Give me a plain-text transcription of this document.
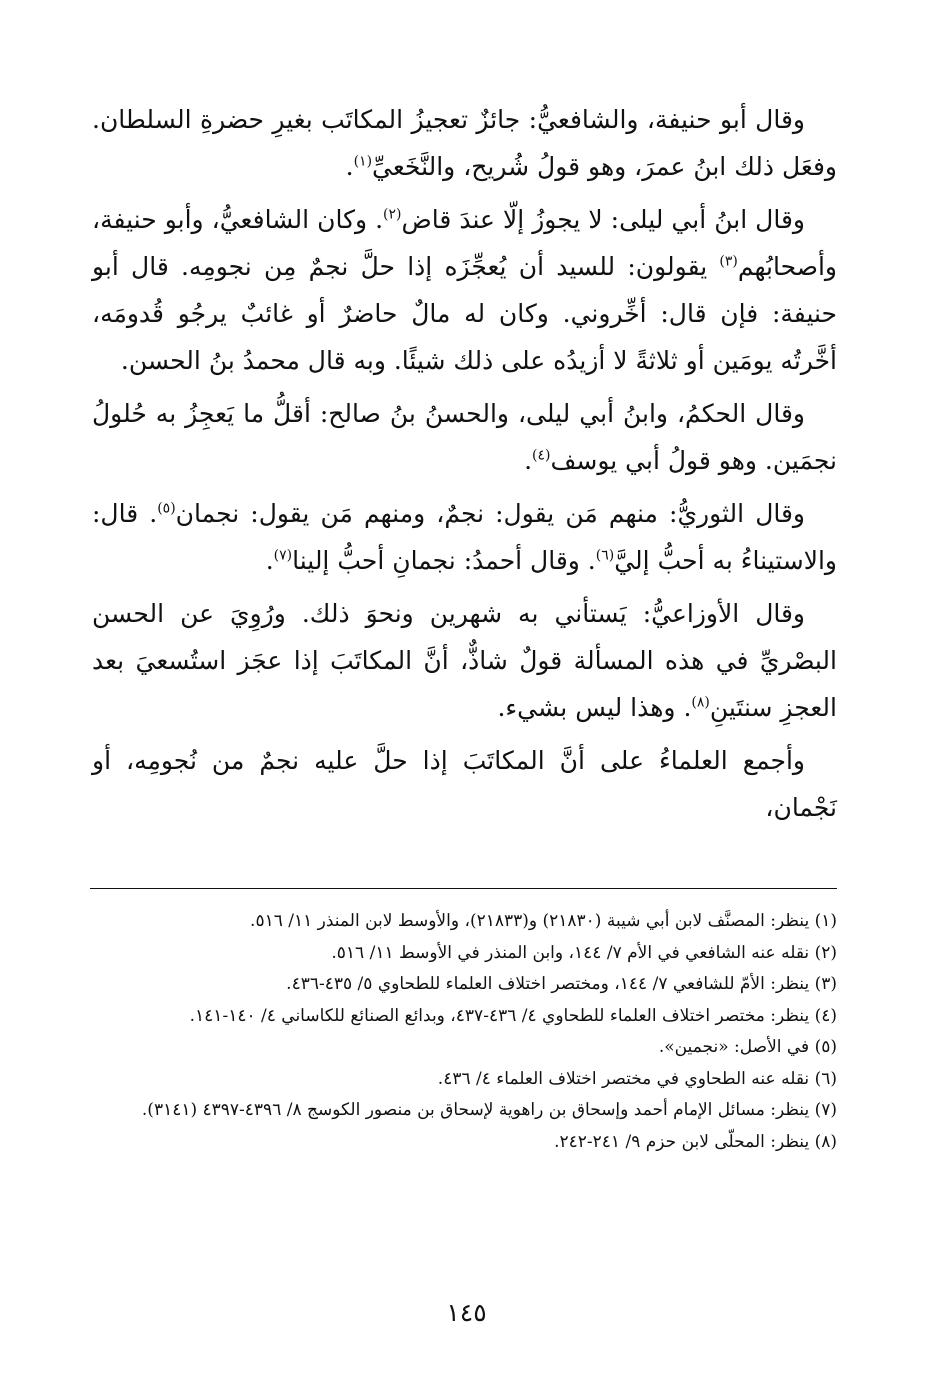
وقال أبو حنيفة، والشافعيُّ: جائزٌ تعجيزُ المكاتَب بغيرِ حضرةِ السلطان. وفعَل ذلك ابنُ عمرَ، وهو قولُ شُريح، والنَّخَعيِّ$^{(١)}$.

وقال ابنُ أبي ليلى: لا يجوزُ إلّا عندَ قاض$^{(٢)}$. وكان الشافعيُّ، وأبو حنيفة، وأصحابُهم$^{(٣)}$ يقولون: للسيد أن يُعجِّزَه إذا حلَّ نجمٌ مِن نجومِه. قال أبو حنيفة: فإن قال: أخِّروني. وكان له مالٌ حاضرٌ أو غائبٌ يرجُو قُدومَه، أخَّرتُه يومَين أو ثلاثةً لا أزيدُه على ذلك شيئًا. وبه قال محمدُ بنُ الحسن.

وقال الحكمُ، وابنُ أبي ليلى، والحسنُ بنُ صالح: أقلُّ ما يَعجِزُ به حُلولُ نجمَين. وهو قولُ أبي يوسف$^{(٤)}$.

وقال الثوريُّ: منهم مَن يقول: نجمٌ، ومنهم مَن يقول: نجمان$^{(٥)}$. قال: والاستيناءُ به أحبُّ إليَّ$^{(٦)}$. وقال أحمدُ: نجمانِ أحبُّ إلينا$^{(٧)}$.

وقال الأوزاعيُّ: يَستأني به شهرين ونحوَ ذلك. ورُوِيَ عن الحسن البصْريِّ في هذه المسألة قولٌ شاذٌّ، أنَّ المكاتَبَ إذا عجَز استُسعيَ بعد العجزِ سنتَينِ$^{(٨)}$. وهذا ليس بشيء.

وأجمع العلماءُ على أنَّ المكاتَبَ إذا حلَّ عليه نجمٌ من نُجومِه، أو نَجْمان،

(١) ينظر: المصنَّف لابن أبي شيبة (٢١٨٣٠) و(٢١٨٣٣)، والأوسط لابن المنذر ١١/ ٥١٦.

(٢) نقله عنه الشافعي في الأم ٧/ ١٤٤، وابن المنذر في الأوسط ١١/ ٥١٦.

(٣) ينظر: الأمّ للشافعي ٧/ ١٤٤، ومختصر اختلاف العلماء للطحاوي ٥/ ٤٣٥-٤٣٦.

(٤) ينظر: مختصر اختلاف العلماء للطحاوي ٤/ ٤٣٦-٤٣٧، وبدائع الصنائع للكاساني ٤/ ١٤٠-١٤١.

(٥) في الأصل: «نجمين».

(٦) نقله عنه الطحاوي في مختصر اختلاف العلماء ٤/ ٤٣٦.

(٧) ينظر: مسائل الإمام أحمد وإسحاق بن راهوية لإسحاق بن منصور الكوسج ٨/ ٤٣٩٦-٤٣٩٧ (٣١٤١).

(٨) ينظر: المحلّى لابن حزم ٩/ ٢٤١-٢٤٢.

١٤٥
